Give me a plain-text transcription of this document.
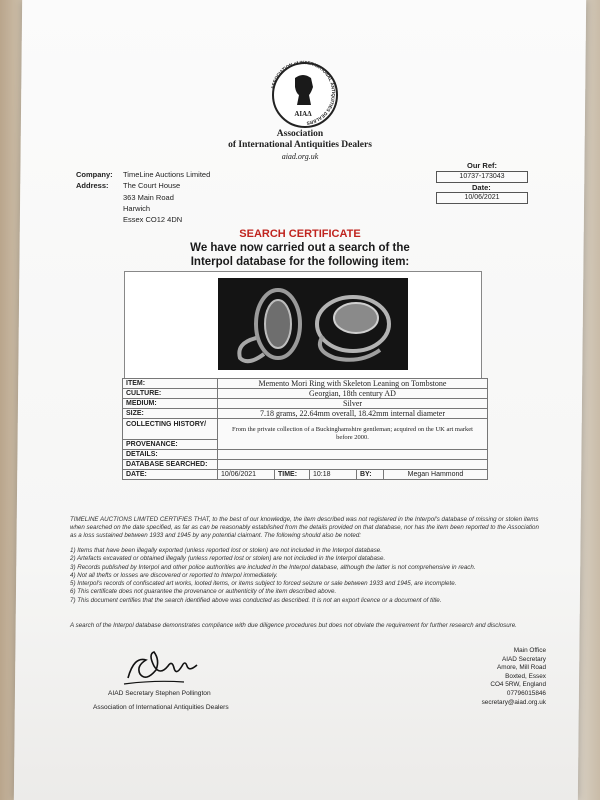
ASSOCIATION of INTERNATIONAL ANTIQUITIES DEALERS
AIAΔ
Association
of International Antiquities Dealers
aiad.org.uk
Company: TimeLine Auctions Limited
Address: The Court House
363 Main Road
Harwich
Essex CO12 4DN
Our Ref:
10737-173043
Date:
10/06/2021
SEARCH CERTIFICATE
We have now carried out a search of the
Interpol database for the following item:
ITEM:	Memento Mori Ring with Skeleton Leaning on Tombstone				
CULTURE:	Georgian, 18th century AD				
MEDIUM:	Silver				
SIZE:	7.18 grams, 22.64mm overall, 18.42mm internal diameter				
COLLECTING HISTORY/	From the private collection of a Buckinghamshire gentleman; acquired on the UK art market before 2000.				
PROVENANCE:					
DETAILS:					
DATABASE SEARCHED:					
DATE:	10/06/2021	TIME:	10:18	BY:	Megan Hammond
TIMELINE AUCTIONS LIMITED CERTIFIES THAT, to the best of our knowledge, the item described was not registered in the Interpol's database of missing or stolen items when searched on the date specified, as far as can be reasonably established from the details provided on that database, nor has the item been reported to the Association as a loss sustained between 1933 and 1945 by any potential claimant. The following should also be noted:
1) Items that have been illegally exported (unless reported lost or stolen) are not included in the Interpol database.
2) Artefacts excavated or obtained illegally (unless reported lost or stolen) are not included in the Interpol database.
3) Records published by Interpol and other police authorities are included in the Interpol database, although the latter is not comprehensive in reach.
4) Not all thefts or losses are discovered or reported to Interpol immediately.
5) Interpol's records of confiscated art works, looted items, or items subject to forced seizure or sale between 1933 and 1945, are incomplete.
6) This certificate does not guarantee the provenance or authenticity of the item described above.
7) This document certifies that the search identified above was conducted as described. It is not an export licence or a document of title.
A search of the Interpol database demonstrates compliance with due diligence procedures but does not obviate the requirement for further research and disclosure.
AIAD Secretary Stephen Pollington
Association of International Antiquities Dealers
Main Office
AIAD Secretary
Amore, Mill Road
Boxted, Essex
CO4 5RW, England
07796015846
secretary@aiad.org.uk
